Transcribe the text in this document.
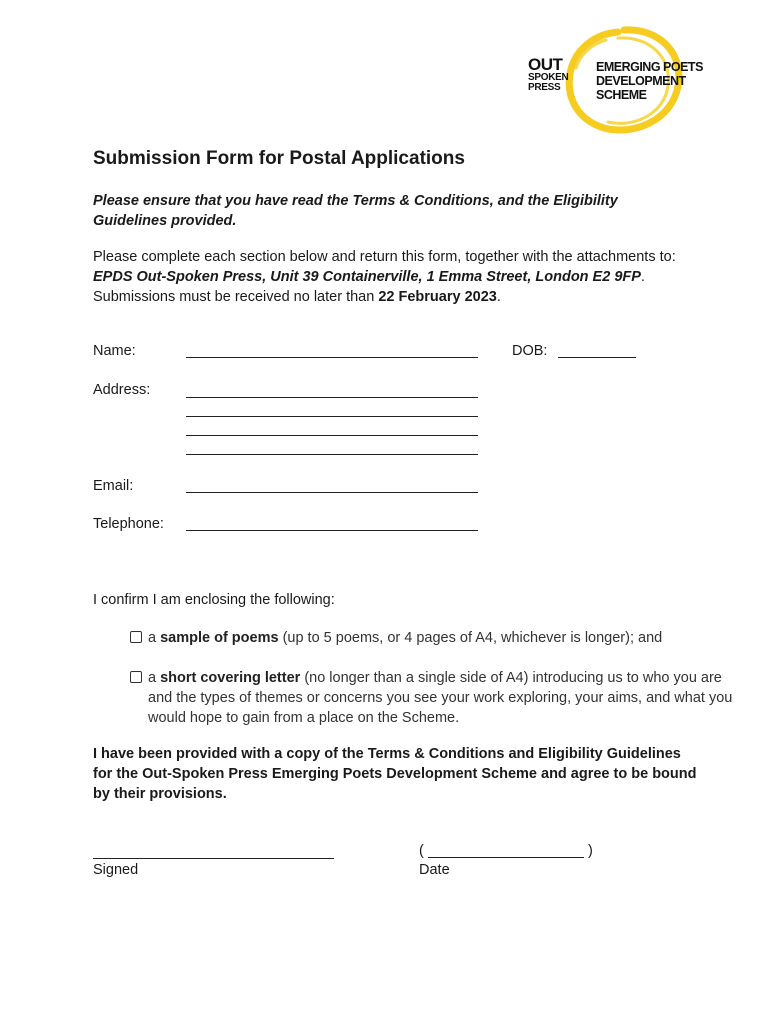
OUT
SPOKEN
PRESS
EMERGING POETS
DEVELOPMENT
SCHEME
Submission Form for Postal Applications
Please ensure that you have read the Terms & Conditions, and the Eligibility Guidelines provided.
Please complete each section below and return this form, together with the attachments to: EPDS Out-Spoken Press, Unit 39 Containerville, 1 Emma Street, London E2 9FP. Submissions must be received no later than 22 February 2023.
Name:	DOB:
Address:
Email:
Telephone:
I confirm I am enclosing the following:
a sample of poems (up to 5 poems, or 4 pages of A4, whichever is longer); and
a short covering letter (no longer than a single side of A4) introducing us to who you are and the types of themes or concerns you see your work exploring, your aims, and what you would hope to gain from a place on the Scheme.
I have been provided with a copy of the Terms & Conditions and Eligibility Guidelines for the Out-Spoken Press Emerging Poets Development Scheme and agree to be bound by their provisions.
Signed
(	)
Date
